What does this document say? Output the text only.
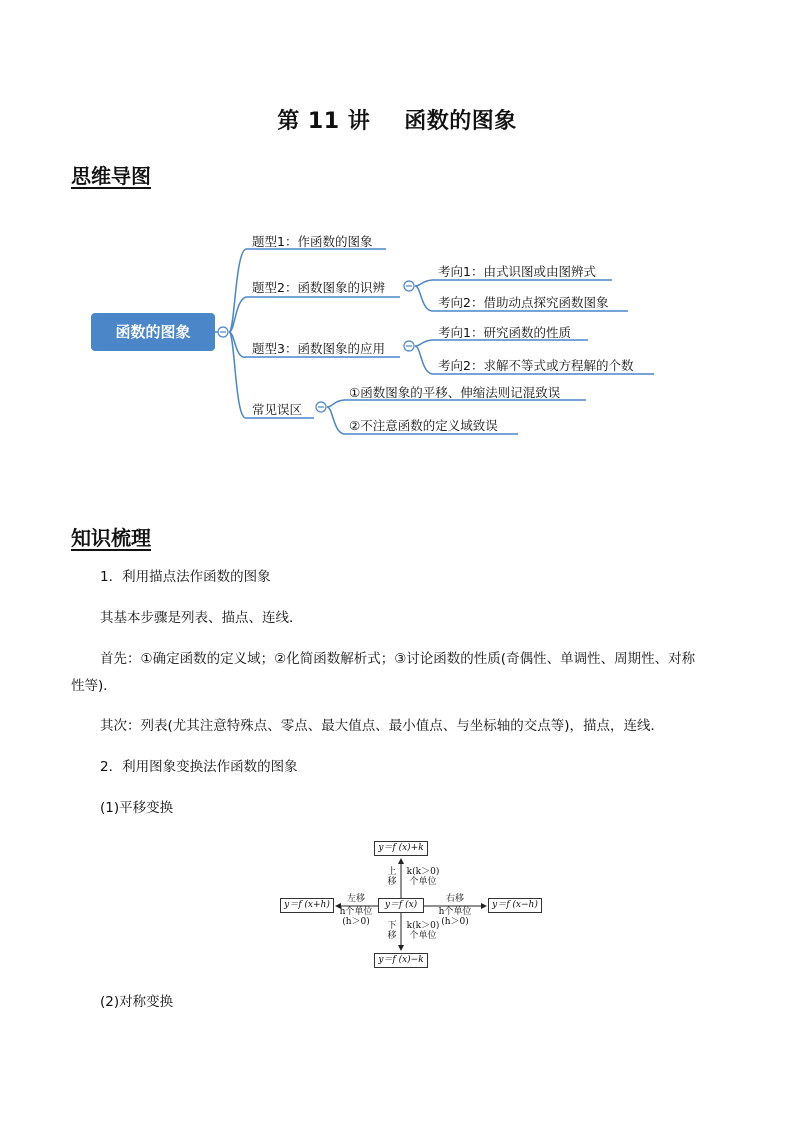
第 11 讲 函数的图象
思维导图
函数的图象
题型1：作函数的图象
题型2：函数图象的识辨
题型3：函数图象的应用
常见误区
考向1：由式识图或由图辨式
考向2：借助动点探究函数图象
考向1：研究函数的性质
考向2：求解不等式或方程解的个数
①函数图象的平移、伸缩法则记混致误
②不注意函数的定义域致误
知识梳理
1．利用描点法作函数的图象
其基本步骤是列表、描点、连线．
首先：①确定函数的定义域；②化简函数解析式；③讨论函数的性质(奇偶性、单调性、周期性、对称
性等)．
其次：列表(尤其注意特殊点、零点、最大值点、最小值点、与坐标轴的交点等)，描点，连线．
2．利用图象变换法作函数的图象
(1)平移变换
y＝f (x)+k
y＝f (x)
y＝f (x)−k
y＝f (x+h)	y＝f (x−h)
上
移
k(k＞0)
个单位
下
移
k(k＞0)
个单位
左移
h个单位
(h＞0)
右移
h个单位
(h＞0)
(2)对称变换
